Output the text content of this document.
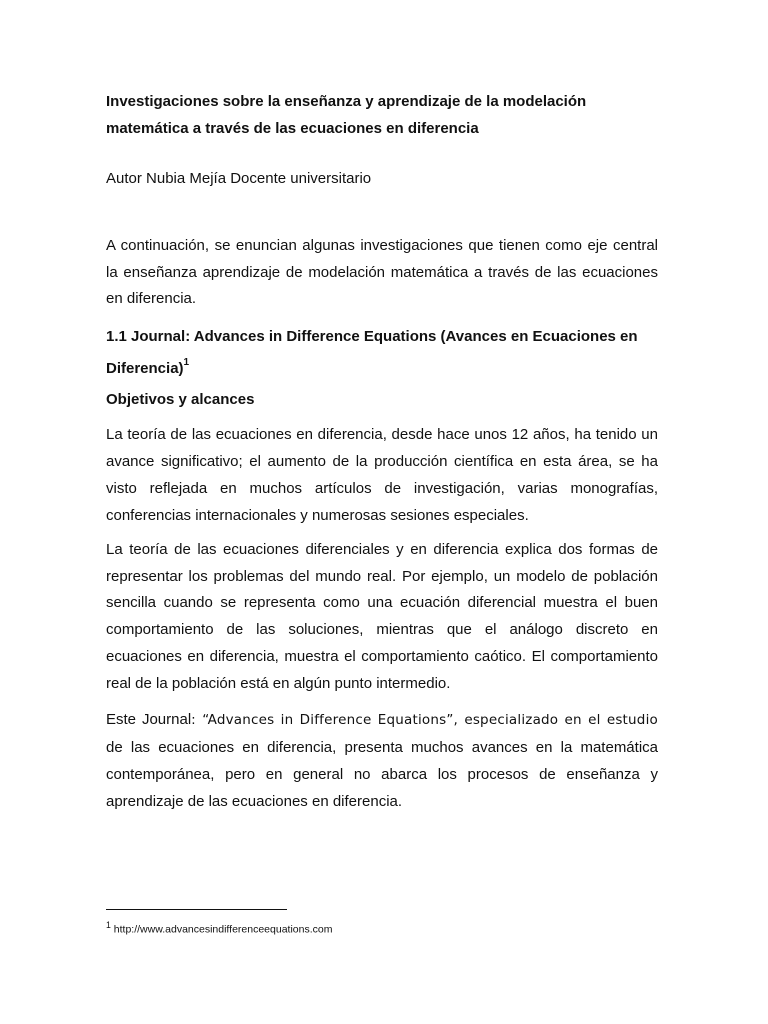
Investigaciones sobre la enseñanza y aprendizaje de la modelación matemática a través de las ecuaciones en diferencia

Autor Nubia Mejía Docente universitario

A continuación, se enuncian algunas investigaciones que tienen como eje central la enseñanza aprendizaje de modelación matemática a través de las ecuaciones en diferencia.

1.1 Journal: Advances in Difference Equations (Avances en Ecuaciones en Diferencia)$^1$

Objetivos y alcances

La teoría de las ecuaciones en diferencia, desde hace unos 12 años, ha tenido un avance significativo; el aumento de la producción científica en esta área, se ha visto reflejada en muchos artículos de investigación, varias monografías, conferencias internacionales y numerosas sesiones especiales.

La teoría de las ecuaciones diferenciales y en diferencia explica dos formas de representar los problemas del mundo real. Por ejemplo, un modelo de población sencilla cuando se representa como una ecuación diferencial muestra el buen comportamiento de las soluciones, mientras que el análogo discreto en ecuaciones en diferencia, muestra el comportamiento caótico. El comportamiento real de la población está en algún punto intermedio.

Este Journal: “Advances in Difference Equations”, especializado en el estudio de las ecuaciones en diferencia, presenta muchos avances en la matemática contemporánea, pero en general no abarca los procesos de enseñanza y aprendizaje de las ecuaciones en diferencia.

$^1$ http://www.advancesindifferenceequations.com
